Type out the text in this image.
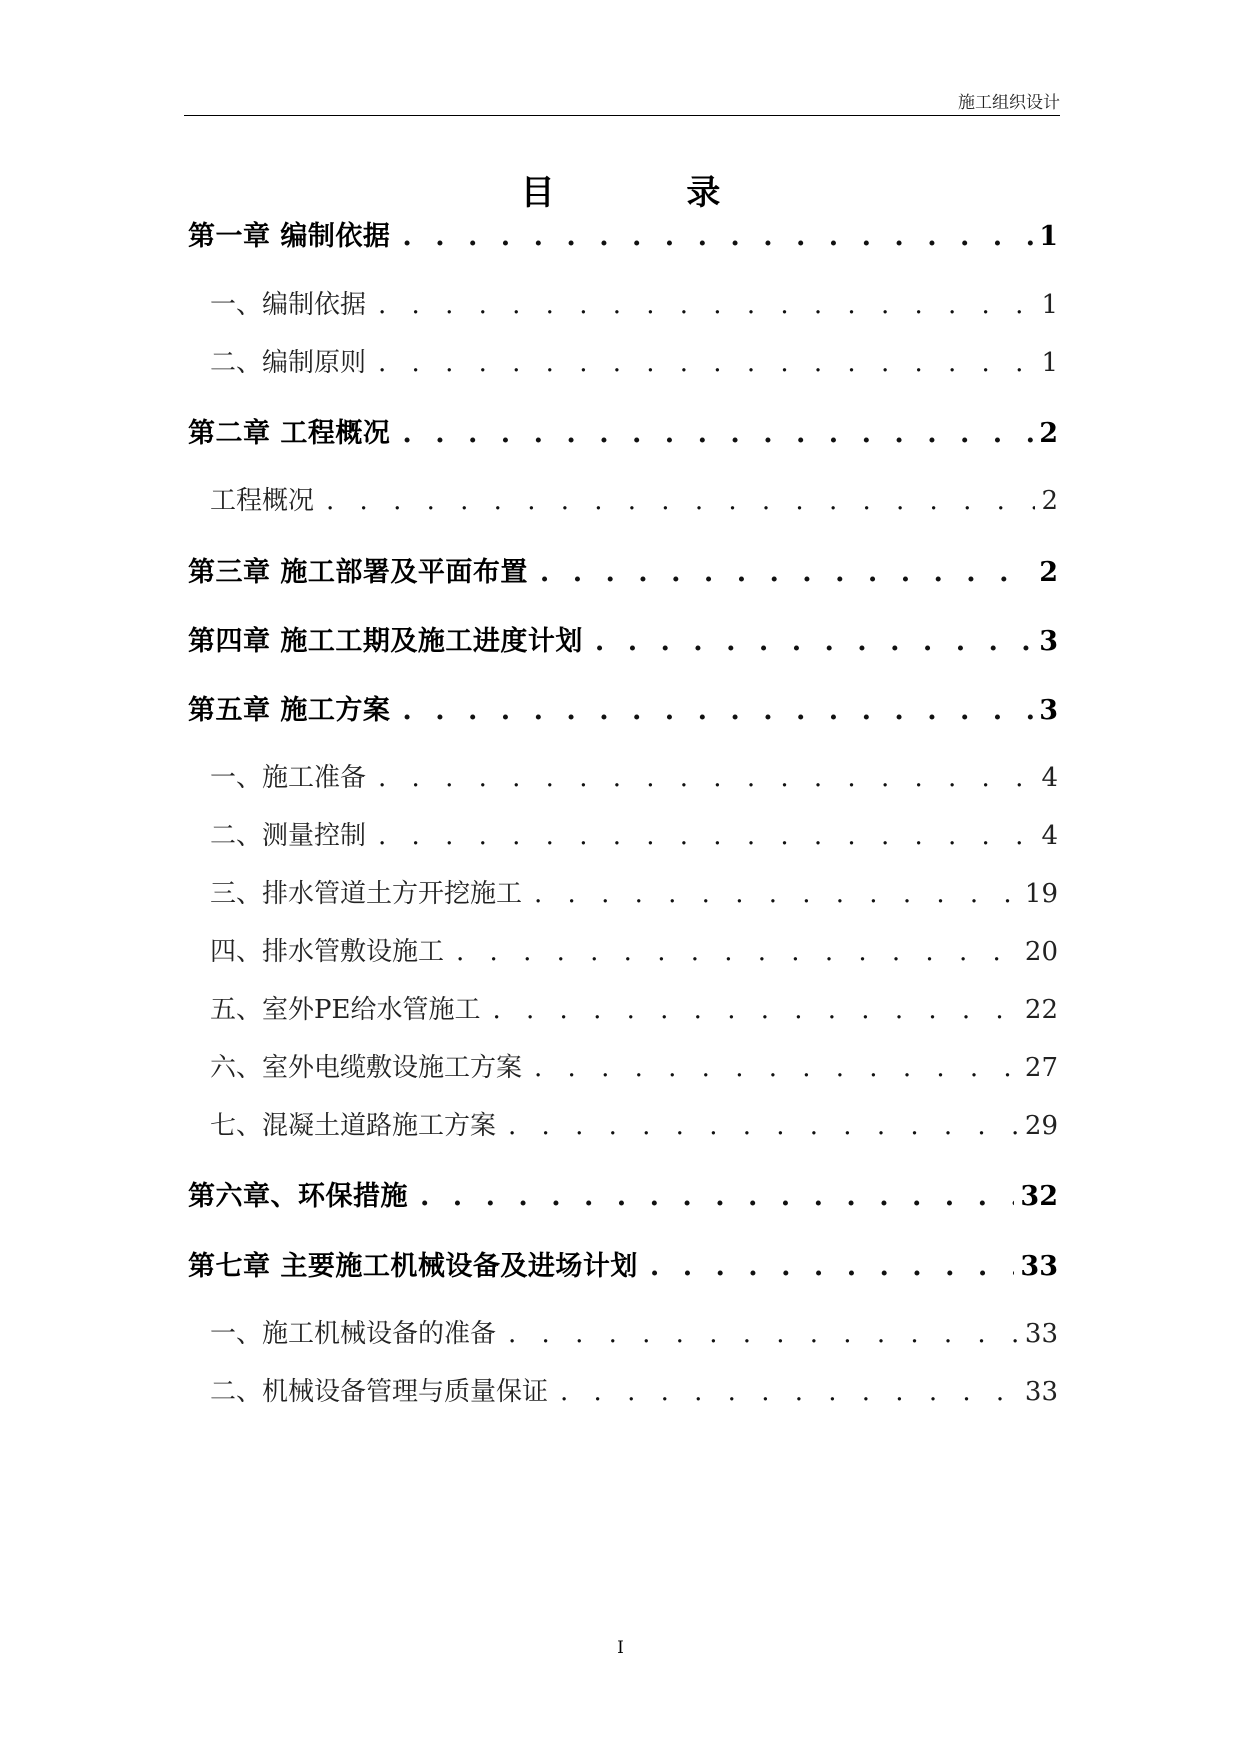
施工组织设计
目 录
第一章 编制依据 . . .	1
一、编制依据 . . .	1
二、编制原则 . . .	1
第二章 工程概况 . . .	2
工程概况 . . .	2
第三章 施工部署及平面布置 . . .	2
第四章 施工工期及施工进度计划 . . .	3
第五章 施工方案 . . .	3
一、施工准备 . . .	4
二、测量控制 . . .	4
三、排水管道土方开挖施工 . . .	19
四、排水管敷设施工 . . .	20
五、室外PE给水管施工 . . .	22
六、室外电缆敷设施工方案 . . .	27
七、混凝土道路施工方案 . . .	29
第六章、环保措施 . . .	32
第七章 主要施工机械设备及进场计划 . . .	33
一、施工机械设备的准备 . . .	33
二、机械设备管理与质量保证 . . .	33
I
